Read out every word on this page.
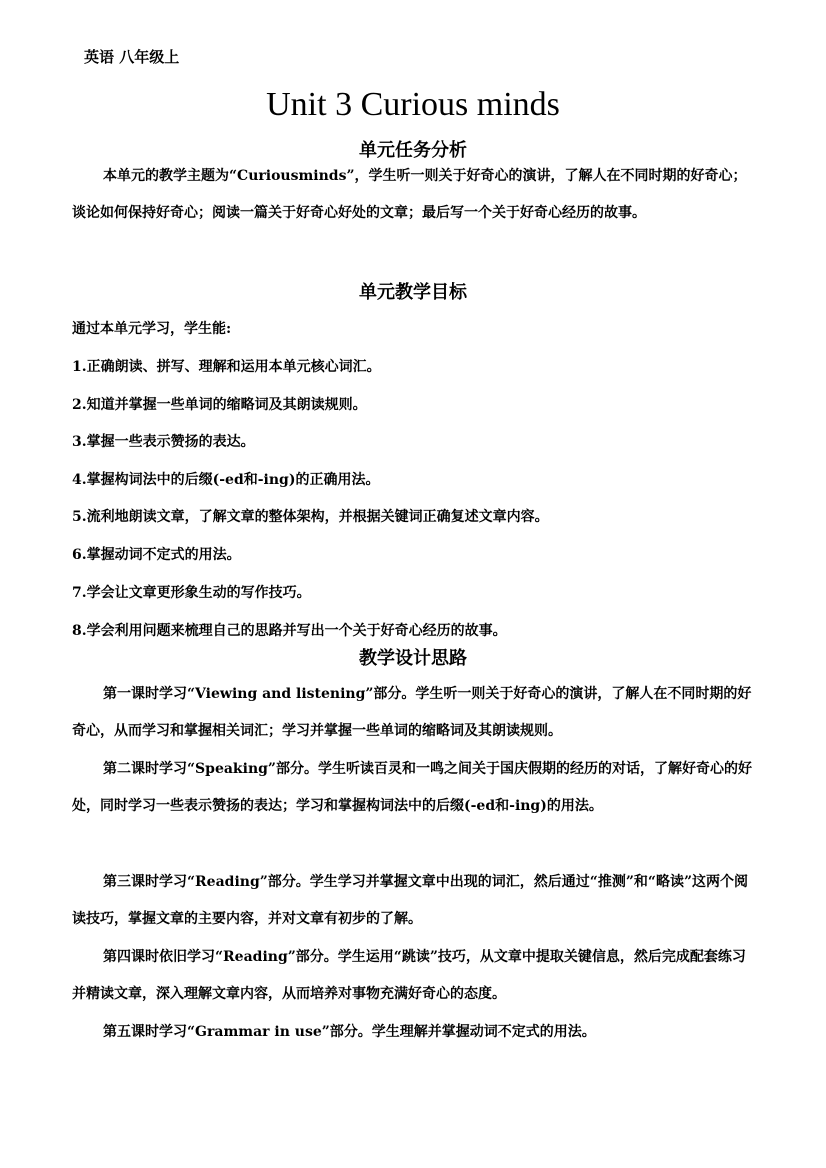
英语 八年级上
Unit 3 Curious minds
单元任务分析

本单元的教学主题为“Curiousminds”，学生听一则关于好奇心的演讲，了解人在不同时期的好奇心；谈论如何保持好奇心；阅读一篇关于好奇心好处的文章；最后写一个关于好奇心经历的故事。

单元教学目标
通过本单元学习，学生能:
1.正确朗读、拼写、理解和运用本单元核心词汇。
2.知道并掌握一些单词的缩略词及其朗读规则。
3.掌握一些表示赞扬的表达。
4.掌握构词法中的后缀(-ed和-ing)的正确用法。
5.流利地朗读文章，了解文章的整体架构，并根据关键词正确复述文章内容。
6.掌握动词不定式的用法。
7.学会让文章更形象生动的写作技巧。
8.学会利用问题来梳理自己的思路并写出一个关于好奇心经历的故事。
教学设计思路

第一课时学习“Viewing and listening”部分。学生听一则关于好奇心的演讲，了解人在不同时期的好奇心，从而学习和掌握相关词汇；学习并掌握一些单词的缩略词及其朗读规则。

第二课时学习“Speaking”部分。学生听读百灵和一鸣之间关于国庆假期的经历的对话，了解好奇心的好处，同时学习一些表示赞扬的表达；学习和掌握构词法中的后缀(-ed和-ing)的用法。

第三课时学习“Reading”部分。学生学习并掌握文章中出现的词汇，然后通过“推测”和“略读”这两个阅读技巧，掌握文章的主要内容，并对文章有初步的了解。

第四课时依旧学习“Reading”部分。学生运用“跳读”技巧，从文章中提取关键信息，然后完成配套练习并精读文章，深入理解文章内容，从而培养对事物充满好奇心的态度。

第五课时学习“Grammar in use”部分。学生理解并掌握动词不定式的用法。
